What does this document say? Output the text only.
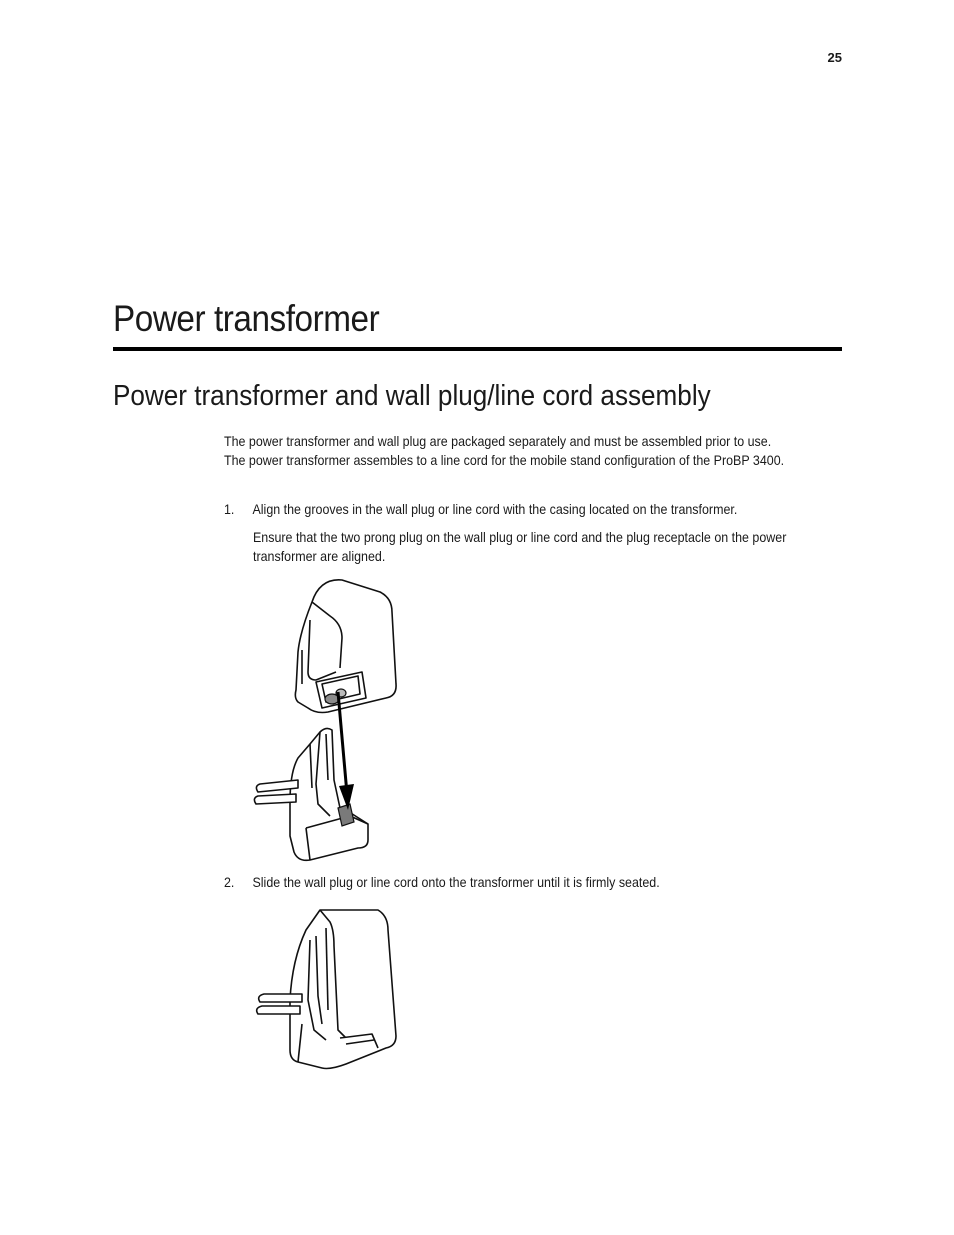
25
Power transformer
Power transformer and wall plug/line cord assembly

The power transformer and wall plug are packaged separately and must be assembled prior to use. The power transformer assembles to a line cord for the mobile stand configuration of the ProBP 3400.

1. Align the grooves in the wall plug or line cord with the casing located on the transformer.

Ensure that the two prong plug on the wall plug or line cord and the plug receptacle on the power transformer are aligned.

2. Slide the wall plug or line cord onto the transformer until it is firmly seated.
